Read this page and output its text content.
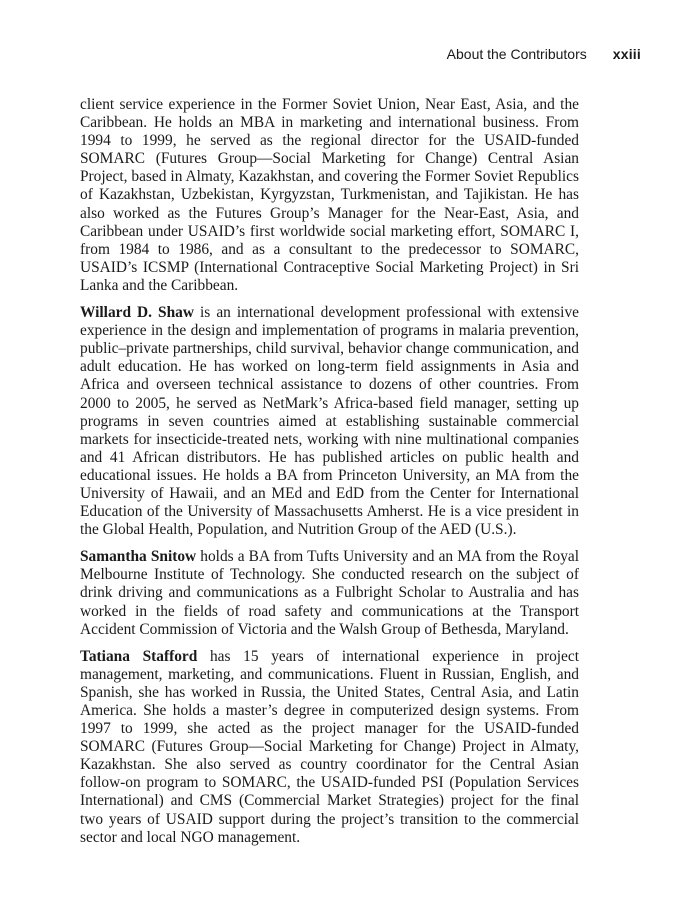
About the Contributors xxiii

client service experience in the Former Soviet Union, Near East, Asia, and the Caribbean. He holds an MBA in marketing and international business. From 1994 to 1999, he served as the regional director for the USAID-funded SOMARC (Futures Group—Social Marketing for Change) Central Asian Project, based in Almaty, Kazakhstan, and covering the Former Soviet Republics of Kazakhstan, Uzbekistan, Kyrgyzstan, Turkmenistan, and Tajikistan. He has also worked as the Futures Group’s Manager for the Near-East, Asia, and Caribbean under USAID’s first worldwide social marketing effort, SOMARC I, from 1984 to 1986, and as a consultant to the predecessor to SOMARC, USAID’s ICSMP (International Contraceptive Social Marketing Project) in Sri Lanka and the Caribbean.

Willard D. Shaw is an international development professional with extensive experience in the design and implementation of programs in malaria prevention, public–private partnerships, child survival, behavior change communication, and adult education. He has worked on long-term field assignments in Asia and Africa and overseen technical assistance to dozens of other countries. From 2000 to 2005, he served as NetMark’s Africa-based field manager, setting up programs in seven countries aimed at establishing sustainable commercial markets for insecticide-treated nets, working with nine multinational companies and 41 African distributors. He has published articles on public health and educational issues. He holds a BA from Princeton University, an MA from the University of Hawaii, and an MEd and EdD from the Center for International Education of the University of Massachusetts Amherst. He is a vice president in the Global Health, Population, and Nutrition Group of the AED (U.S.).

Samantha Snitow holds a BA from Tufts University and an MA from the Royal Melbourne Institute of Technology. She conducted research on the subject of drink driving and communications as a Fulbright Scholar to Australia and has worked in the fields of road safety and communications at the Transport Accident Commission of Victoria and the Walsh Group of Bethesda, Maryland.

Tatiana Stafford has 15 years of international experience in project management, marketing, and communications. Fluent in Russian, English, and Spanish, she has worked in Russia, the United States, Central Asia, and Latin America. She holds a master’s degree in computerized design systems. From 1997 to 1999, she acted as the project manager for the USAID-funded SOMARC (Futures Group—Social Marketing for Change) Project in Almaty, Kazakhstan. She also served as country coordinator for the Central Asian follow-on program to SOMARC, the USAID-funded PSI (Population Services International) and CMS (Commercial Market Strategies) project for the final two years of USAID support during the project’s transition to the commercial sector and local NGO management.
